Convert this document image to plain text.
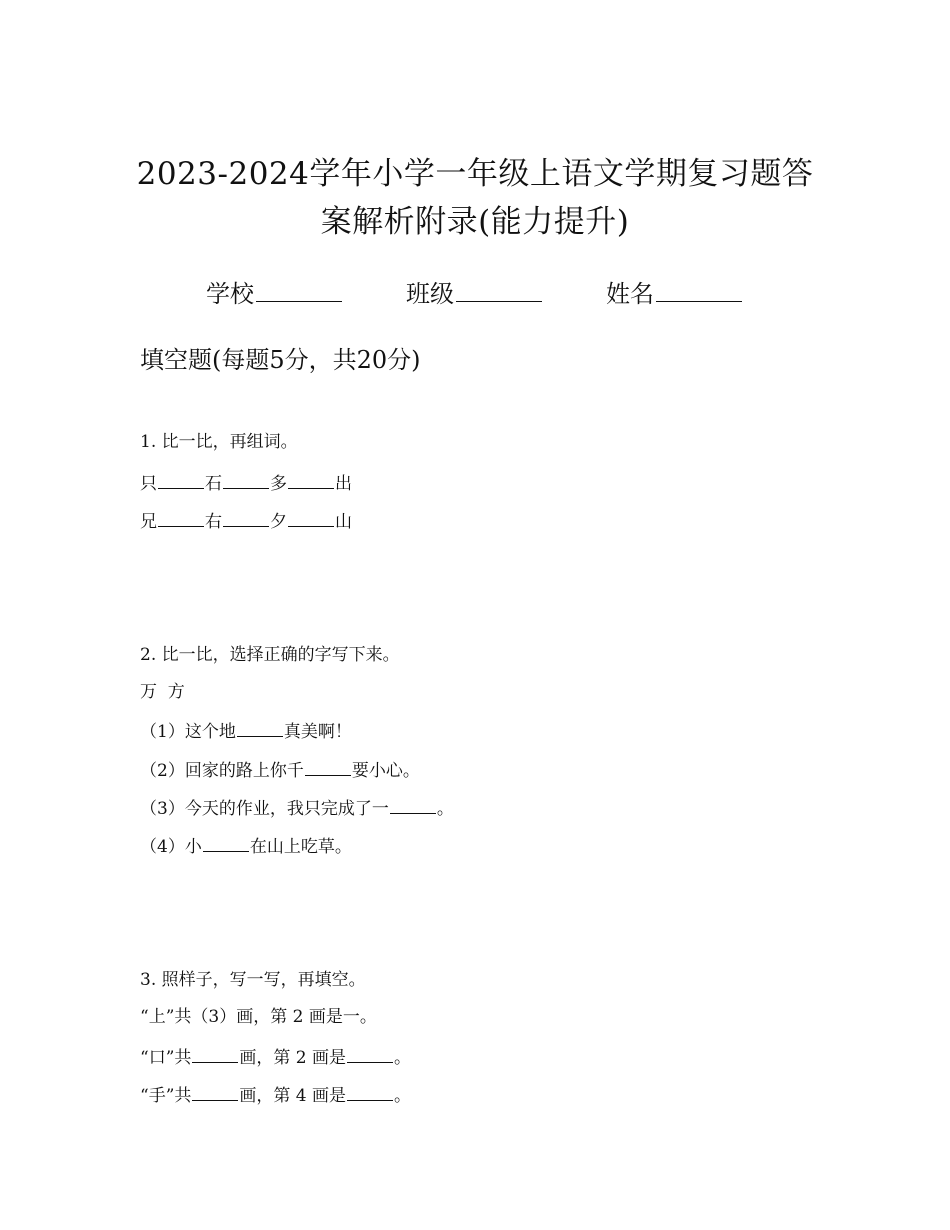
2023-2024学年小学一年级上语文学期复习题答
案解析附录(能力提升)
学校	班级	姓名
填空题(每题5分，共20分)
1. 比一比，再组词。
只	石	多	出
兄	右	夕	山
2. 比一比，选择正确的字写下来。
万  方
（1）这个地	真美啊！
（2）回家的路上你千	要小心。
（3）今天的作业，我只完成了一	。
（4）小	在山上吃草。
3. 照样子，写一写，再填空。
“上”共（3）画，第 2 画是一。
“口”共	画，第 2 画是	。
“手”共	画，第 4 画是	。
